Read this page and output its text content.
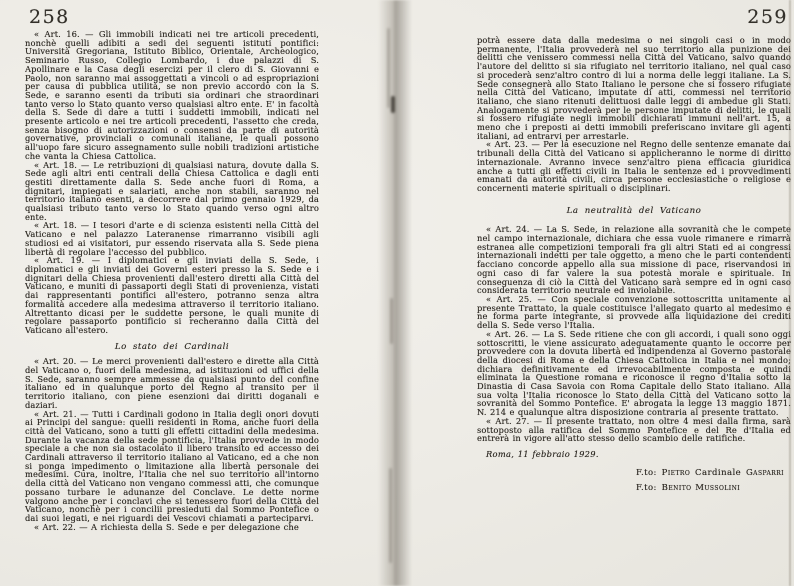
258

« Art. 16. — Gli immobili indicati nei tre articoli precedenti, nonchè quelli adibiti a sedi dei seguenti istituti pontifici: Università Gregoriana, Istituto Biblico, Orientale, Archeologico, Seminario Russo, Collegio Lombardo, i due palazzi di S. Apollinare e la Casa degli esercizi per il clero di S. Giovanni e Paolo, non saranno mai assoggettati a vincoli o ad espropriazioni per causa di pubblica utilità, se non previo accordo con la S. Sede, e saranno esenti da tributi sia ordinari che straordinari tanto verso lo Stato quanto verso qualsiasi altro ente. E' in facoltà della S. Sede di dare a tutti i suddetti immobili, indicati nel presente articolo e nei tre articoli precedenti, l'assetto che creda, senza bisogno di autorizzazioni o consensi da parte di autorità governative, provinciali o comunali italiane, le quali possono all'uopo fare sicuro assegnamento sulle nobili tradizioni artistiche che vanta la Chiesa Cattolica.

« Art. 18. — Le retribuzioni di qualsiasi natura, dovute dalla S. Sede agli altri enti centrali della Chiesa Cattolica e dagli enti gestiti direttamente dalla S. Sede anche fuori di Roma, a dignitari, impiegati e salariati, anche non stabili, saranno nel territorio italiano esenti, a decorrere dal primo gennaio 1929, da qualsiasi tributo tanto verso lo Stato quando verso ogni altro ente.

« Art. 18. — I tesori d'arte e di scienza esistenti nella Città del Vaticano e nel palazzo Lateranense rimarranno visibili agli studiosi ed ai visitatori, pur essendo riservata alla S. Sede piena libertà di regolare l'accesso del pubblico.

« Art. 19. — I diplomatici e gli inviati della S. Sede, i diplomatici e gli inviati dei Governi esteri presso la S. Sede e i dignitari della Chiesa provenienti dall'estero diretti alla Città del Vaticano, e muniti di passaporti degli Stati di provenienza, vistati dai rappresentanti pontifici all'estero, potranno senza altra formalità accedere alla medesima attraverso il territorio italiano. Altrettanto dicasi per le suddette persone, le quali munite di regolare passaporto pontificio si recheranno dalla Città del Vaticano all'estero.

Lo stato dei Cardinali

« Art. 20. — Le merci provenienti dall'estero e dirette alla Città del Vaticano o, fuori della medesima, ad istituzioni od uffici della S. Sede, saranno sempre ammesse da qualsiasi punto del confine italiano ed in qualunque porto del Regno al transito per il territorio italiano, con piene esenzioni dai diritti doganali e daziari.

« Art. 21. — Tutti i Cardinali godono in Italia degli onori dovuti ai Principi del sangue: quelli residenti in Roma, anche fuori della città del Vaticano, sono a tutti gli effetti cittadini della medesima. Durante la vacanza della sede pontificia, l'Italia provvede in modo speciale a che non sia ostacolato il libero transito ed accesso dei Cardinali attraverso il territorio italiano al Vaticano, ed a che non si ponga impedimento o limitazione alla libertà personale dei medesimi. Cura, inoltre, l'Italia che nel suo territorio all'intorno della città del Vaticano non vengano commessi atti, che comunque possano turbare le adunanze del Conclave. Le dette norme valgono anche per i conclavi che si tenessero fuori della Città del Vaticano, nonchè per i concilii presieduti dal Sommo Pontefice o dai suoi legati, e nei riguardi dei Vescovi chiamati a parteciparvi.

« Art. 22. — A richiesta della S. Sede e per delegazione che

259

potrà essere data dalla medesima o nei singoli casi o in modo permanente, l'Italia provvederà nel suo territorio alla punizione dei delitti che venissero commessi nella Città del Vaticano, salvo quando l'autore del delitto si sia rifugiato nel territorio italiano, nel qual caso si procederà senz'altro contro di lui a norma delle leggi italiane. La S. Sede consegnerà allo Stato Italiano le persone che si fossero rifugiate nella Città del Vaticano, imputate di atti, commessi nel territorio italiano, che siano ritenuti delittuosi dalle leggi di ambedue gli Stati. Analogamente si provvederà per le persone imputate di delitti, le quali si fossero rifugiate negli immobili dichiarati immuni nell'art. 15, a meno che i preposti ai detti immobili preferiscano invitare gli agenti italiani, ad entrarvi per arrestarle.

« Art. 23. — Per la esecuzione nel Regno delle sentenze emanate dai tribunali della Città del Vaticano si applicheranno le norme di diritto internazionale. Avranno invece senz'altro piena efficacia giuridica anche a tutti gli effetti civili in Italia le sentenze ed i provvedimenti emanati da autorità civili, circa persone ecclesiastiche o religiose e concernenti materie spirituali o disciplinari.

La neutralità del Vaticano

« Art. 24. — La S. Sede, in relazione alla sovranità che le compete nel campo internazionale, dichiara che essa vuole rimanere e rimarrà estranea alle competizioni temporali fra gli altri Stati ed ai congressi internazionali indetti per tale oggetto, a meno che le parti contendenti facciano concorde appello alla sua missione di pace, riservandosi in ogni caso di far valere la sua potestà morale e spirituale. In conseguenza di ciò la Città del Vaticano sarà sempre ed in ogni caso considerata territorio neutrale ed inviolabile.

« Art. 25. — Con speciale convenzione sottoscritta unitamente al presente Trattato, la quale costituisce l'allegato quarto al medesimo e ne forma parte integrante, si provvede alla liquidazione dei crediti della S. Sede verso l'Italia.

« Art. 26. — La S. Sede ritiene che con gli accordi, i quali sono oggi sottoscritti, le viene assicurato adeguatamente quanto le occorre per provvedere con la dovuta libertà ed indipendenza al Governo pastorale della diocesi di Roma e della Chiesa Cattolica in Italia e nel mondo; dichiara definitivamente ed irrevocabilmente composta e quindi eliminata la Questione romana e riconosce il regno d'Italia sotto la Dinastia di Casa Savoia con Roma Capitale dello Stato italiano. Alla sua volta l'Italia riconosce lo Stato della Città del Vaticano sotto la sovranità del Sommo Pontefice. E' abrogata la legge 13 maggio 1871. N. 214 e qualunque altra disposizione contraria al presente trattato.

« Art. 27. — Il presente trattato, non oltre 4 mesi dalla firma, sarà sottoposto alla ratifica del Sommo Pontefice e del Re d'Italia ed entrerà in vigore all'atto stesso dello scambio delle ratifiche.

Roma, 11 febbraio 1929.

F.to: Pietro Cardinale Gasparri
F.to: Benito Mussolini
